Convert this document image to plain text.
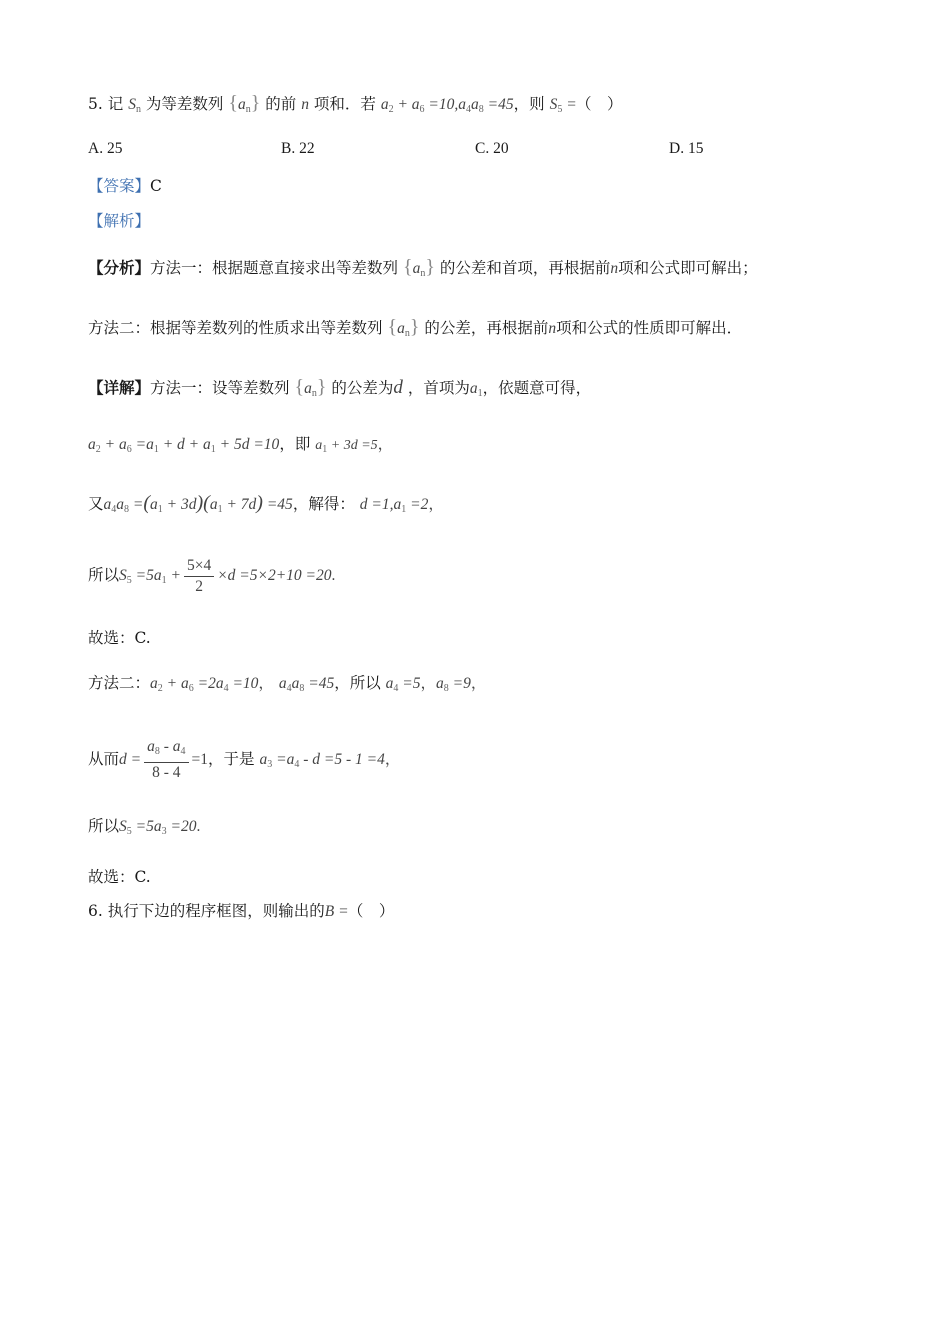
5. 记 $S_n$ 为等差数列 $\{a_n\}$ 的前 n 项和．若 $a_2 + a_6 =10,a_4a_8 =45$，则 $S_5$ =（　）
A. 25	B. 22	C. 20	D. 15
【答案】C
【解析】
【分析】方法一：根据题意直接求出等差数列 $\{a_n\}$ 的公差和首项，再根据前n项和公式即可解出；
方法二：根据等差数列的性质求出等差数列 $\{a_n\}$ 的公差，再根据前n项和公式的性质即可解出．
【详解】方法一：设等差数列 $\{a_n\}$ 的公差为d ，首项为$a_1$，依题意可得，
$a_2 + a_6 =a_1 + d + a_1 + 5d =10$，即 $a_1 + 3d =5$，
又$a_4a_8 =(a_1 + 3d)(a_1 + 7d) =45$，解得： $d =1,a_1 =2$，
所以$S_5 =5a_1 + \frac{5\times 4}{2} \times d =5\times 2+10 =20$.
故选：C.
方法二：$a_2 + a_6 =2a_4 =10$， $a_4a_8 =45$，所以 $a_4 =5$，$a_8 =9$，
从而$d = \frac{a_8 - a_4}{8 - 4} =1$，于是 $a_3 =a_4 - d =5 - 1 =4$，
所以$S_5 =5a_3 =20$.
故选：C.
6. 执行下边的程序框图，则输出的B =（　）
